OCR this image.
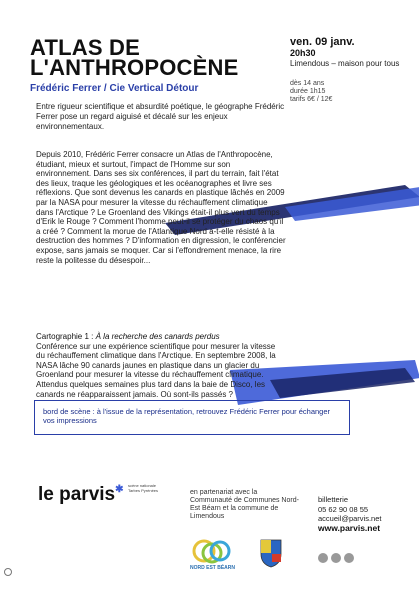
ATLAS DE
L'ANTHROPOCÈNE
Frédéric Ferrer / Cie Vertical Détour
ven. 09 janv.
20h30
Limendous – maison pour tous
dès 14 ans
durée 1h15
tarifs 6€ / 12€
Entre rigueur scientifique et absurdité poétique, le géographe Frédéric Ferrer pose un regard aiguisé et décalé sur les enjeux environnementaux.
Depuis 2010, Frédéric Ferrer consacre un Atlas de l'Anthropocène, étudiant, mieux et surtout, l'impact de l'Homme sur son environnement. Dans ses six conférences, il part du terrain, fait l'état des lieux, traque les géologiques et les océanographes et livre ses réflexions. Que sont devenus les canards en plastique lâchés en 2009 par la NASA pour mesurer la vitesse du réchauffement climatique dans l'Arctique ? Le Groenland des Vikings était-il plus vert du temps d'Erik le Rouge ? Comment l'homme peut-il se protéger du chaos qu'il a créé ? Comment la morue de l'Atlantique Nord a-t-elle résisté à la destruction des hommes ? D'information en digression, le conférencier expose, sans jamais se moquer. Car si l'effondrement menace, la rire reste la politesse du désespoir...
Cartographie 1 : À la recherche des canards perdus
Conférence sur une expérience scientifique pour mesurer la vitesse du réchauffement climatique dans l'Arctique. En septembre 2008, la NASA lâche 90 canards jaunes en plastique dans un glacier du Groenland pour mesurer la vitesse du réchauffement climatique. Attendus quelques semaines plus tard dans la baie de Disco, les canards ne réapparaissent jamais. Où sont-ils passés ?
bord de scène : à l'issue de la représentation, retrouvez Frédéric Ferrer pour échanger vos impressions
le parvis✱ scène nationale Tarbes Pyrénées	en partenariat avec la Communauté de Communes Nord-Est Béarn et la commune de Limendous
NORD EST BÉARN
billetterie
05 62 90 08 55
accueil@parvis.net
www.parvis.net
